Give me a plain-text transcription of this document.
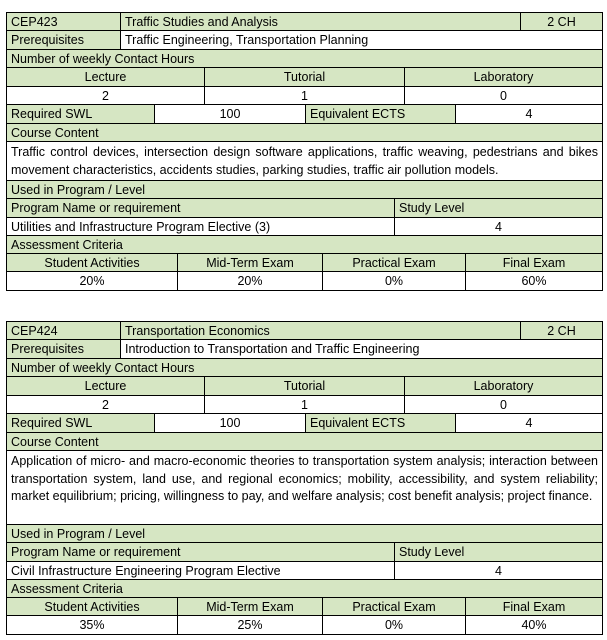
CEP423	Traffic Studies and Analysis	2 CH
Prerequisites	Traffic Engineering, Transportation Planning
Number of weekly Contact Hours
Lecture	Tutorial	Laboratory
2	1	0
Required SWL	100	Equivalent ECTS	4
Course Content
Traffic control devices, intersection design software applications, traffic weaving, pedestrians and bikes movement characteristics, accidents studies, parking studies, traffic air pollution models.
Used in Program / Level
Program Name or requirement	Study Level
Utilities and Infrastructure Program Elective (3)	4
Assessment Criteria
Student Activities	Mid-Term Exam	Practical Exam	Final Exam
20%	20%	0%	60%
CEP424	Transportation Economics	2 CH
Prerequisites	Introduction to Transportation and Traffic Engineering
Number of weekly Contact Hours
Lecture	Tutorial	Laboratory
2	1	0
Required SWL	100	Equivalent ECTS	4
Course Content
Application of micro- and macro-economic theories to transportation system analysis; interaction between transportation system, land use, and regional economics; mobility, accessibility, and system reliability; market equilibrium; pricing, willingness to pay, and welfare analysis; cost benefit analysis; project finance.
Used in Program / Level
Program Name or requirement	Study Level
Civil Infrastructure Engineering Program Elective	4
Assessment Criteria
Student Activities	Mid-Term Exam	Practical Exam	Final Exam
35%	25%	0%	40%
